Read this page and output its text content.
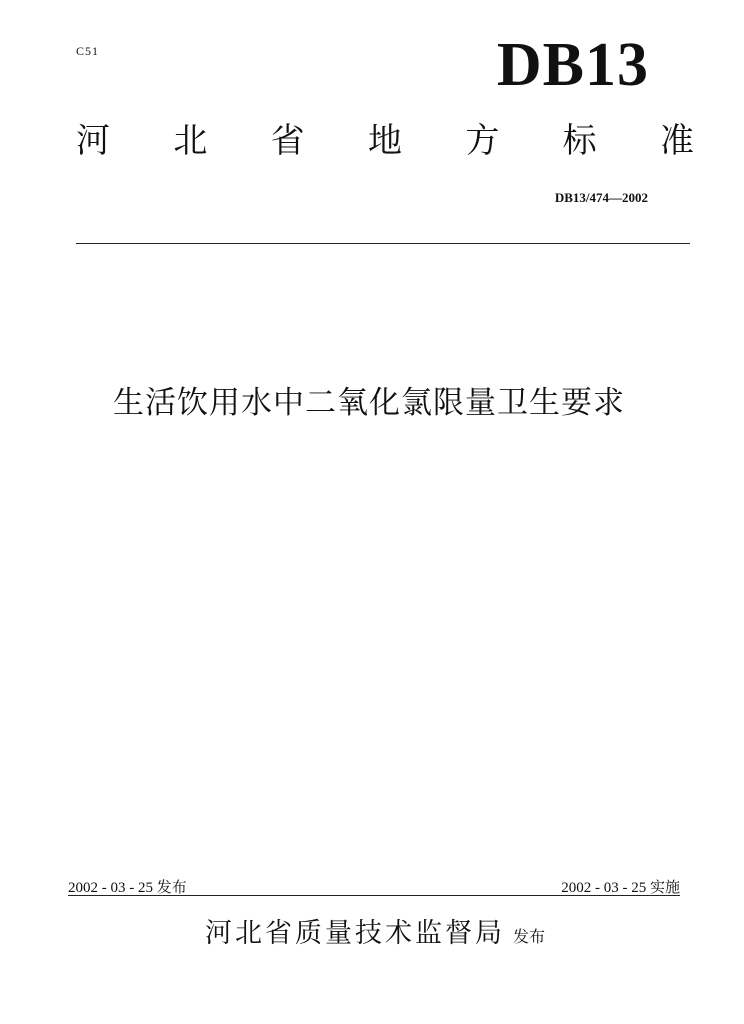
C51	DB13
河 北 省 地 方 标 准
DB13/474—2002
生活饮用水中二氧化氯限量卫生要求
2002 - 03 - 25 发布	2002 - 03 - 25 实施
河北省质量技术监督局 发布
